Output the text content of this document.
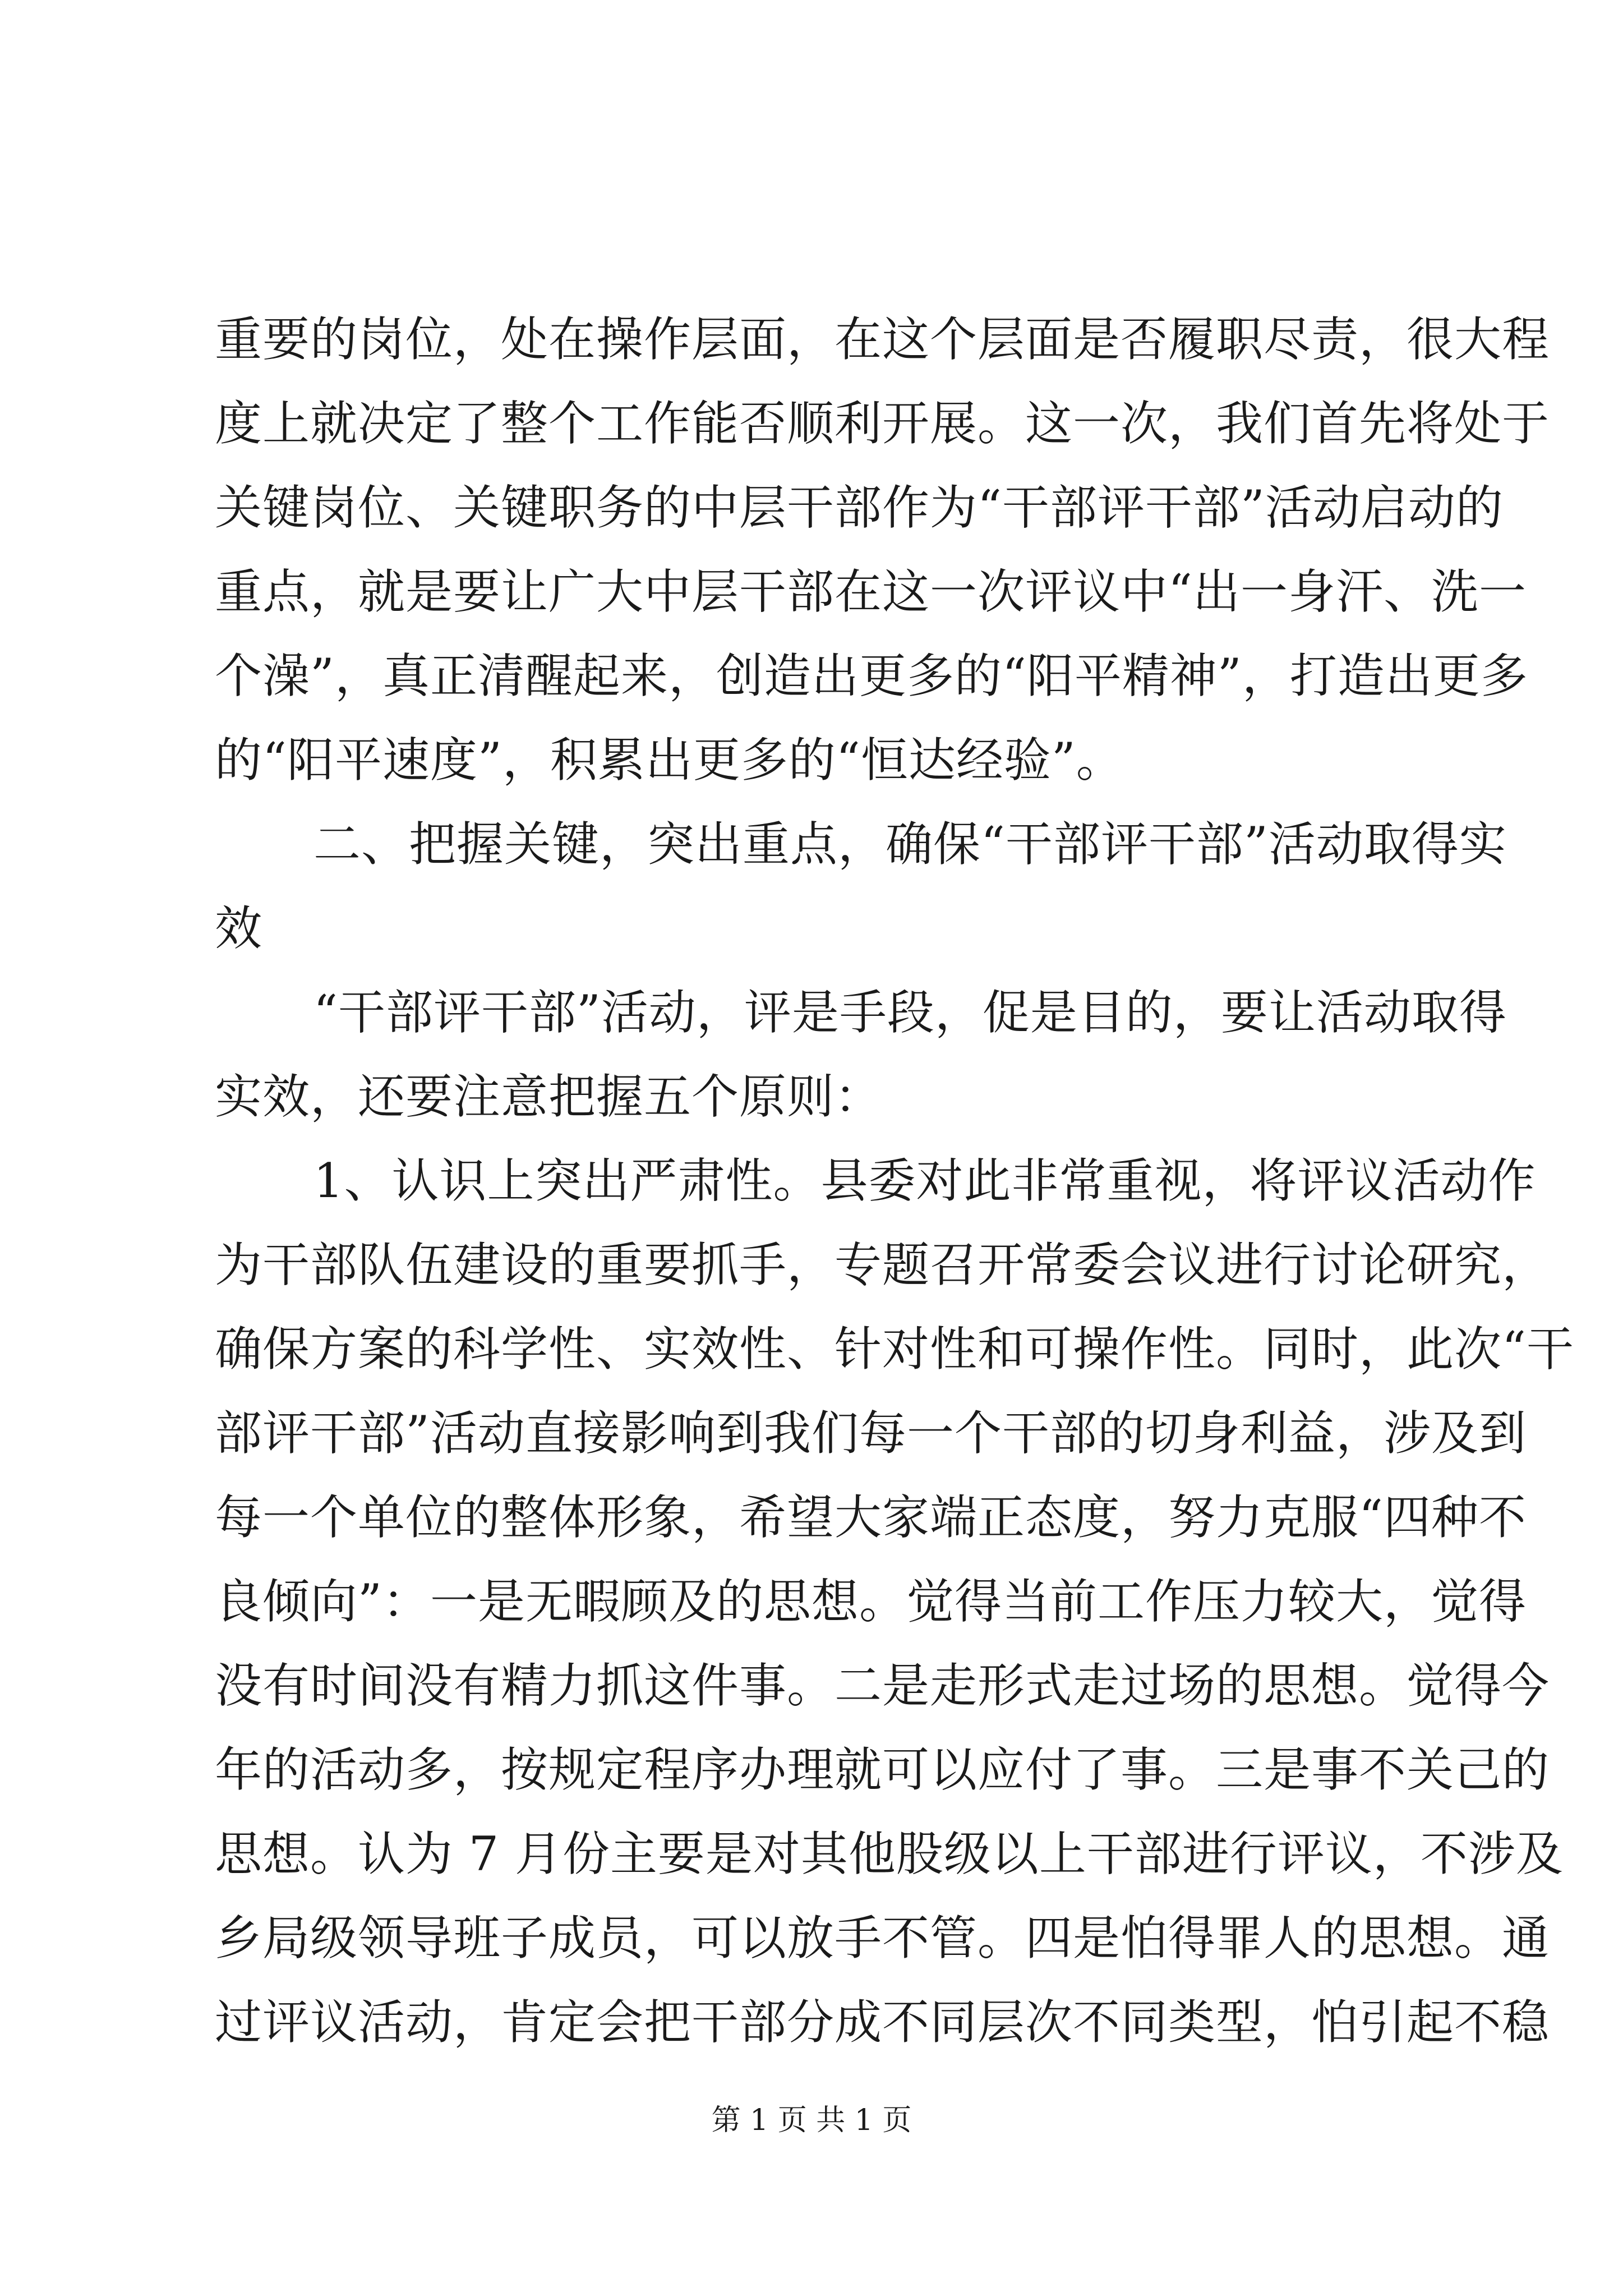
重要的岗位，处在操作层面，在这个层面是否履职尽责，很大程
度上就决定了整个工作能否顺利开展。这一次，我们首先将处于
关键岗位、关键职务的中层干部作为“干部评干部”活动启动的
重点，就是要让广大中层干部在这一次评议中“出一身汗、洗一
个澡”，真正清醒起来，创造出更多的“阳平精神”，打造出更多
的“阳平速度”，积累出更多的“恒达经验”。
二、把握关键，突出重点，确保“干部评干部”活动取得实
效
“干部评干部”活动，评是手段，促是目的，要让活动取得
实效，还要注意把握五个原则：
1、认识上突出严肃性。县委对此非常重视，将评议活动作
为干部队伍建设的重要抓手，专题召开常委会议进行讨论研究，
确保方案的科学性、实效性、针对性和可操作性。同时，此次“干
部评干部”活动直接影响到我们每一个干部的切身利益，涉及到
每一个单位的整体形象，希望大家端正态度，努力克服“四种不
良倾向”：一是无暇顾及的思想。觉得当前工作压力较大，觉得
没有时间没有精力抓这件事。二是走形式走过场的思想。觉得今
年的活动多，按规定程序办理就可以应付了事。三是事不关己的
思想。认为 7 月份主要是对其他股级以上干部进行评议，不涉及
乡局级领导班子成员，可以放手不管。四是怕得罪人的思想。通
过评议活动，肯定会把干部分成不同层次不同类型，怕引起不稳
第 1 页 共 1 页
